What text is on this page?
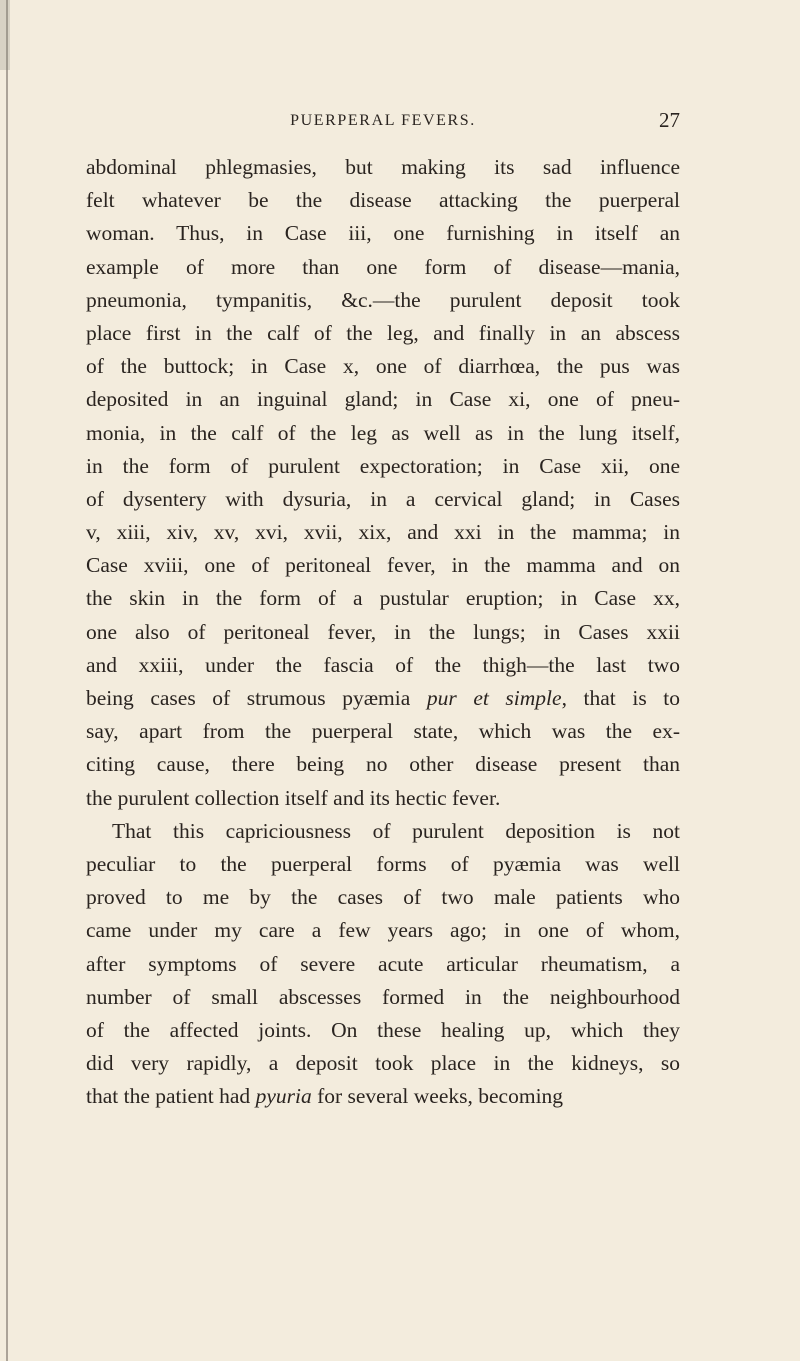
PUERPERAL FEVERS.	27
abdominal phlegmasies, but making its sad influence
felt whatever be the disease attacking the puerperal
woman. Thus, in Case iii, one furnishing in itself an
example of more than one form of disease—mania,
pneumonia, tympanitis, &c.—the purulent deposit took
place first in the calf of the leg, and finally in an abscess
of the buttock; in Case x, one of diarrhœa, the pus was
deposited in an inguinal gland; in Case xi, one of pneu-
monia, in the calf of the leg as well as in the lung itself,
in the form of purulent expectoration; in Case xii, one
of dysentery with dysuria, in a cervical gland; in Cases
v, xiii, xiv, xv, xvi, xvii, xix, and xxi in the mamma; in
Case xviii, one of peritoneal fever, in the mamma and on
the skin in the form of a pustular eruption; in Case xx,
one also of peritoneal fever, in the lungs; in Cases xxii
and xxiii, under the fascia of the thigh—the last two
being cases of strumous pyæmia pur et simple, that is to
say, apart from the puerperal state, which was the ex-
citing cause, there being no other disease present than
the purulent collection itself and its hectic fever.
That this capriciousness of purulent deposition is not
peculiar to the puerperal forms of pyæmia was well
proved to me by the cases of two male patients who
came under my care a few years ago; in one of whom,
after symptoms of severe acute articular rheumatism, a
number of small abscesses formed in the neighbourhood
of the affected joints. On these healing up, which they
did very rapidly, a deposit took place in the kidneys, so
that the patient had pyuria for several weeks, becoming
